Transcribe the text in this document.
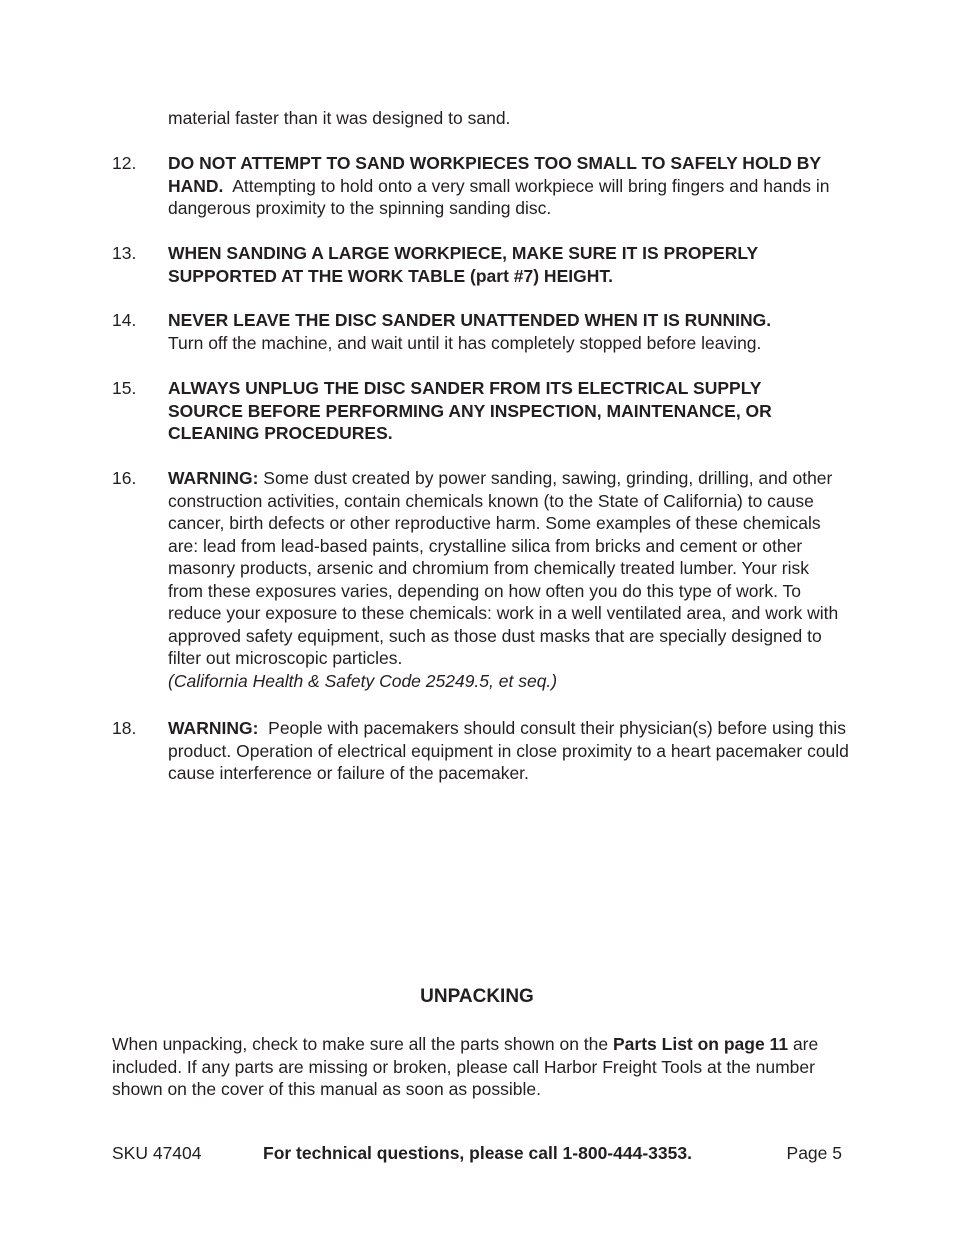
material faster than it was designed to sand.

12.	DO NOT ATTEMPT TO SAND WORKPIECES TOO SMALL TO SAFELY HOLD BY HAND. Attempting to hold onto a very small workpiece will bring fingers and hands in dangerous proximity to the spinning sanding disc.

13.	WHEN SANDING A LARGE WORKPIECE, MAKE SURE IT IS PROPERLY SUPPORTED AT THE WORK TABLE (part #7) HEIGHT.

14.	NEVER LEAVE THE DISC SANDER UNATTENDED WHEN IT IS RUNNING.
Turn off the machine, and wait until it has completely stopped before leaving.

15.	ALWAYS UNPLUG THE DISC SANDER FROM ITS ELECTRICAL SUPPLY SOURCE BEFORE PERFORMING ANY INSPECTION, MAINTENANCE, OR CLEANING PROCEDURES.

16.	WARNING: Some dust created by power sanding, sawing, grinding, drilling, and other construction activities, contain chemicals known (to the State of California) to cause cancer, birth defects or other reproductive harm. Some examples of these chemicals are: lead from lead-based paints, crystalline silica from bricks and cement or other masonry products, arsenic and chromium from chemically treated lumber. Your risk from these exposures varies, depending on how often you do this type of work. To reduce your exposure to these chemicals: work in a well ventilated area, and work with approved safety equipment, such as those dust masks that are specially designed to filter out microscopic particles.
(California Health & Safety Code 25249.5, et seq.)

18.	WARNING: People with pacemakers should consult their physician(s) before using this product. Operation of electrical equipment in close proximity to a heart pacemaker could cause interference or failure of the pacemaker.

UNPACKING

When unpacking, check to make sure all the parts shown on the Parts List on page 11 are included. If any parts are missing or broken, please call Harbor Freight Tools at the number shown on the cover of this manual as soon as possible.

SKU 47404	For technical questions, please call 1-800-444-3353.	Page 5
